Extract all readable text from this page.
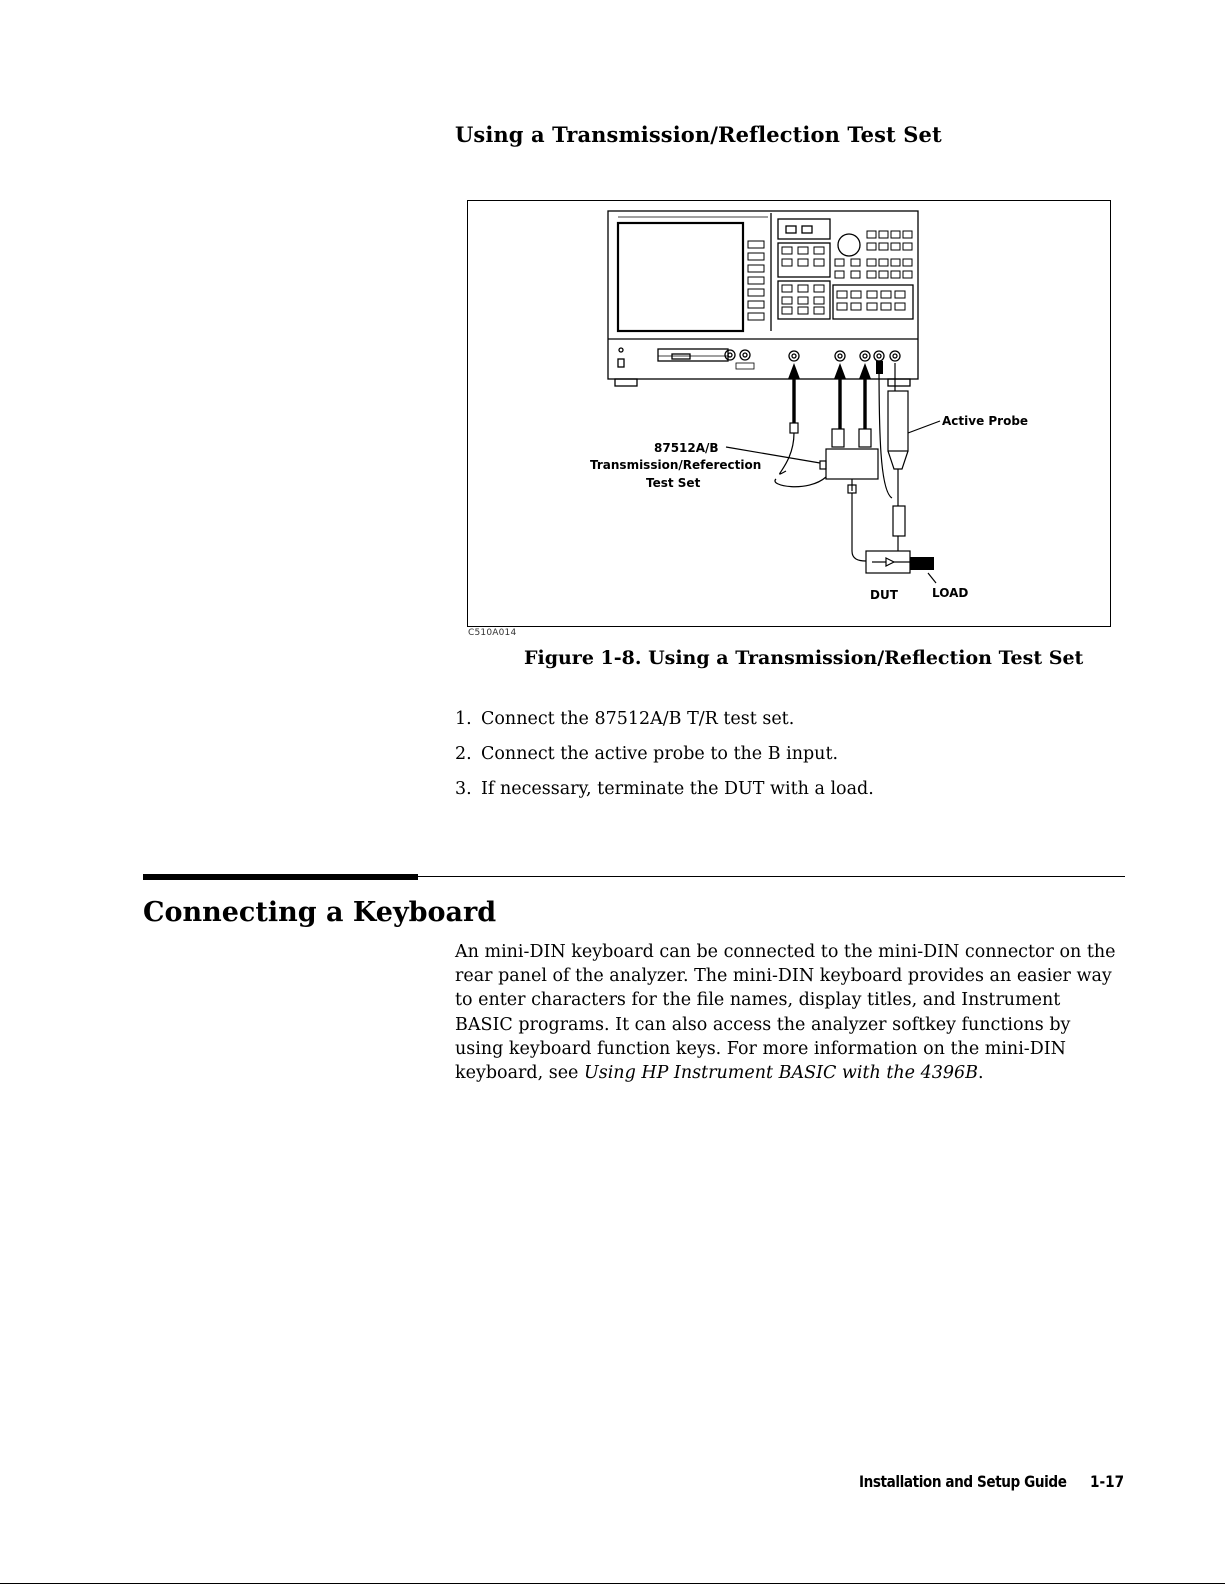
Using a Transmission/Reflection Test Set
87512A/B
Transmission/Referection
Test Set
Active Probe
DUT	LOAD
C510A014
Figure 1-8. Using a Transmission/Reflection Test Set
1. Connect the 87512A/B T/R test set.
2. Connect the active probe to the B input.
3. If necessary, terminate the DUT with a load.
Connecting a Keyboard

An mini-DIN keyboard can be connected to the mini-DIN connector on the rear panel of the analyzer. The mini-DIN keyboard provides an easier way to enter characters for the file names, display titles, and Instrument BASIC programs. It can also access the analyzer softkey functions by using keyboard function keys. For more information on the mini-DIN keyboard, see Using HP Instrument BASIC with the 4396B.

Installation and Setup Guide 1-17
